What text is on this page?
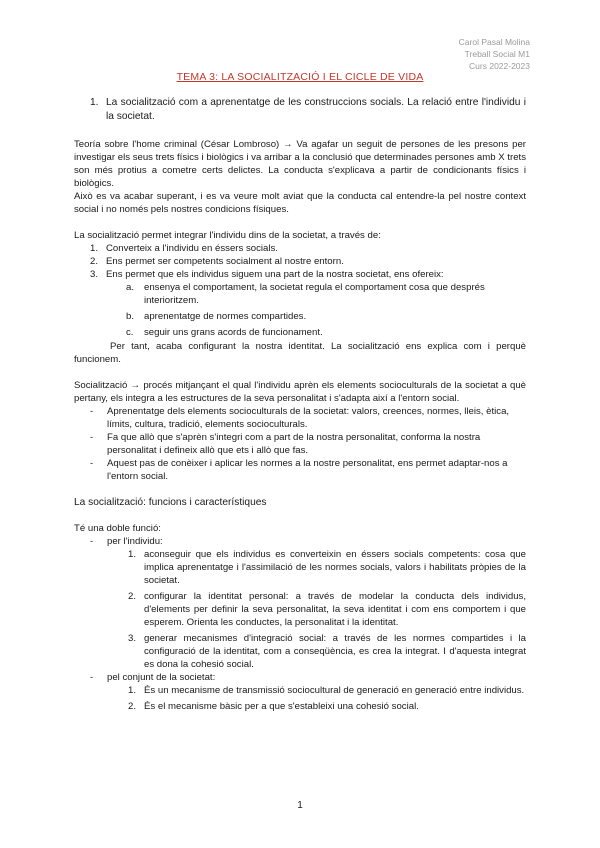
Carol Pasal Molina
Treball Social M1
Curs 2022-2023
TEMA 3: LA SOCIALITZACIÓ I EL CICLE DE VIDA
1. La socialització com a aprenentatge de les construccions socials. La relació entre l'individu i la societat.

Teoría sobre l'home criminal (César Lombroso) → Va agafar un seguit de persones de les presons per investigar els seus trets físics i biològics i va arribar a la conclusió que determinades persones amb X trets son més protius a cometre certs delictes. La conducta s'explicava a partir de condicionants físics i biològics.

Això es va acabar superant, i es va veure molt aviat que la conducta cal entendre-la pel nostre context social i no només pels nostres condicions físiques.

La socialització permet integrar l'individu dins de la societat, a través de:

1. Converteix a l'individu en éssers socials.
2. Ens permet ser competents socialment al nostre entorn.
3. Ens permet que els individus siguem una part de la nostra societat, ens ofereix:
a.	ensenya el comportament, la societat regula el comportament cosa que després interioritzem.
b.	aprenentatge de normes compartides.
c.	seguir uns grans acords de funcionament.

Per tant, acaba configurant la nostra identitat. La socialització ens explica com i perquè funcionem.

Socialització → procés mitjançant el qual l'individu aprèn els elements socioculturals de la societat a què pertany, els integra a les estructures de la seva personalitat i s'adapta així a l'entorn social.

-	Aprenentatge dels elements socioculturals de la societat: valors, creences, normes, lleis, ètica, límits, cultura, tradició, elements socioculturals.
-	Fa que allò que s'aprèn s'integri com a part de la nostra personalitat, conforma la nostra personalitat i defineix allò que ets i allò que fas.
-	Aquest pas de conèixer i aplicar les normes a la nostre personalitat, ens permet adaptar-nos a l'entorn social.

La socialització: funcions i característiques

Té una doble funció:

-	per l'individu:
1. aconseguir que els individus es converteixin en éssers socials competents: cosa que implica aprenentatge i l'assimilació de les normes socials, valors i habilitats pròpies de la societat.
2. configurar la identitat personal: a través de modelar la conducta dels individus, d'elements per definir la seva personalitat, la seva identitat i com ens comportem i que esperem. Orienta les conductes, la personalitat i la identitat.
3. generar mecanismes d'integració social: a través de les normes compartides i la configuració de la identitat, com a conseqüència, es crea la integrat. I d'aquesta integrat es dona la cohesió social.
-	pel conjunt de la societat:
1. És un mecanisme de transmissió sociocultural de generació en generació entre individus.
2. És el mecanisme bàsic per a que s'estableixi una cohesió social.
1
